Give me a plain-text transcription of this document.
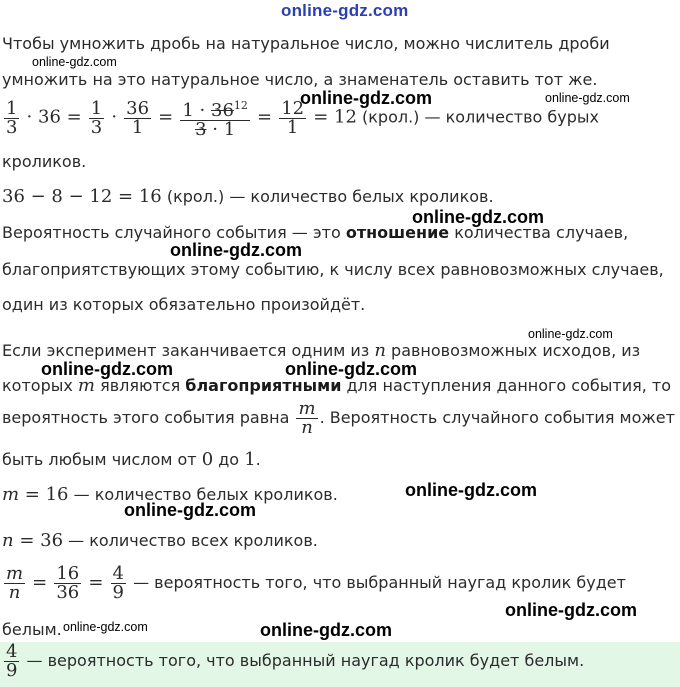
online-gdz.com
online-gdz.com
online-gdz.com	online-gdz.com
online-gdz.com
online-gdz.com
online-gdz.com
online-gdz.com	online-gdz.com
online-gdz.com
online-gdz.com
online-gdz.com
online-gdz.com	online-gdz.com
Чтобы умножить дробь на натуральное число, можно числитель дроби
умножить на это натуральное число, а знаменатель оставить тот же.
$\frac{1}{3} \cdot 36 = \frac{1}{3} \cdot \frac{36}{1} = \frac{1 \cdot 36^{12}}{3 \cdot 1} = \frac{12}{1} = 12$ (крол.) — количество бурых
кроликов.
36 − 8 − 12 = 16 (крол.) — количество белых кроликов.
Вероятность случайного события — это отношение количества случаев,
благоприятствующих этому событию, к числу всех равновозможных случаев,
один из которых обязательно произойдёт.
Если эксперимент заканчивается одним из n равновозможных исходов, из
которых m являются благоприятными для наступления данного события, то
вероятность этого события равна $\frac{m}{n}$ . Вероятность случайного события может
быть любым числом от 0 до 1.
m = 16 — количество белых кроликов.
n = 36 — количество всех кроликов.
$\frac{m}{n} = \frac{16}{36} = \frac{4}{9}$ — вероятность того, что выбранный наугад кролик будет
белым.
$\frac{4}{9}$ — вероятность того, что выбранный наугад кролик будет белым.
